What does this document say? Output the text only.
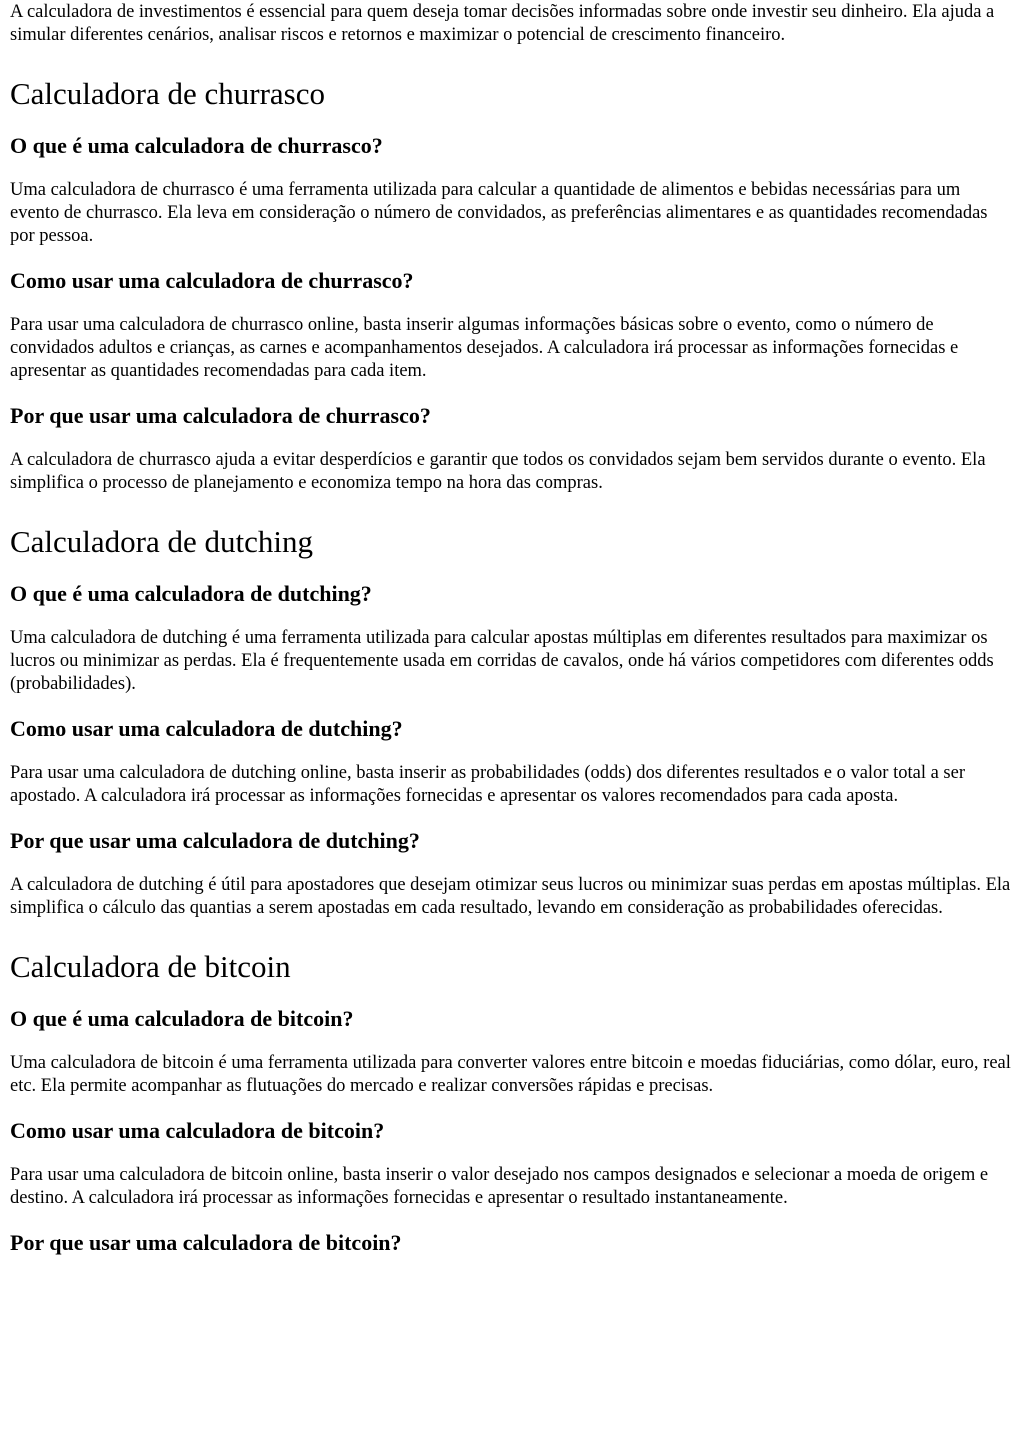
A calculadora de investimentos é essencial para quem deseja tomar decisões informadas sobre onde investir seu dinheiro. Ela ajuda a simular diferentes cenários, analisar riscos e retornos e maximizar o potencial de crescimento financeiro.

Calculadora de churrasco
O que é uma calculadora de churrasco?

Uma calculadora de churrasco é uma ferramenta utilizada para calcular a quantidade de alimentos e bebidas necessárias para um evento de churrasco. Ela leva em consideração o número de convidados, as preferências alimentares e as quantidades recomendadas por pessoa.

Como usar uma calculadora de churrasco?

Para usar uma calculadora de churrasco online, basta inserir algumas informações básicas sobre o evento, como o número de convidados adultos e crianças, as carnes e acompanhamentos desejados. A calculadora irá processar as informações fornecidas e apresentar as quantidades recomendadas para cada item.

Por que usar uma calculadora de churrasco?

A calculadora de churrasco ajuda a evitar desperdícios e garantir que todos os convidados sejam bem servidos durante o evento. Ela simplifica o processo de planejamento e economiza tempo na hora das compras.

Calculadora de dutching
O que é uma calculadora de dutching?

Uma calculadora de dutching é uma ferramenta utilizada para calcular apostas múltiplas em diferentes resultados para maximizar os lucros ou minimizar as perdas. Ela é frequentemente usada em corridas de cavalos, onde há vários competidores com diferentes odds (probabilidades).

Como usar uma calculadora de dutching?

Para usar uma calculadora de dutching online, basta inserir as probabilidades (odds) dos diferentes resultados e o valor total a ser apostado. A calculadora irá processar as informações fornecidas e apresentar os valores recomendados para cada aposta.

Por que usar uma calculadora de dutching?

A calculadora de dutching é útil para apostadores que desejam otimizar seus lucros ou minimizar suas perdas em apostas múltiplas. Ela simplifica o cálculo das quantias a serem apostadas em cada resultado, levando em consideração as probabilidades oferecidas.

Calculadora de bitcoin
O que é uma calculadora de bitcoin?

Uma calculadora de bitcoin é uma ferramenta utilizada para converter valores entre bitcoin e moedas fiduciárias, como dólar, euro, real etc. Ela permite acompanhar as flutuações do mercado e realizar conversões rápidas e precisas.

Como usar uma calculadora de bitcoin?

Para usar uma calculadora de bitcoin online, basta inserir o valor desejado nos campos designados e selecionar a moeda de origem e destino. A calculadora irá processar as informações fornecidas e apresentar o resultado instantaneamente.

Por que usar uma calculadora de bitcoin?
